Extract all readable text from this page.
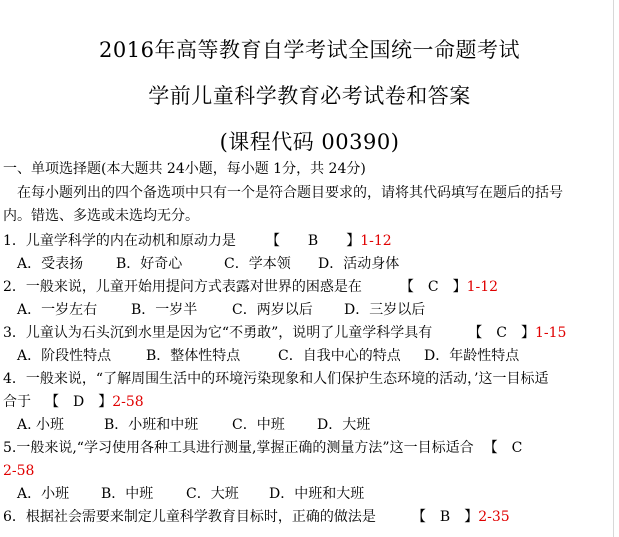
2016年高等教育自学考试全国统一命题考试
学前儿童科学教育必考试卷和答案
(课程代码 00390)
一、单项选择题(本大题共 24小题，每小题 1分，共 24分)
在每小题列出的四个备选项中只有一个是符合题目要求的，请将其代码填写在题后的括号
内。错选、多选或未选均无分。
1．儿童学科学的内在动机和原动力是 【　　B　　】1-12
A．受表扬 B．好奇心	C．学本领 D．活动身体
2．一般来说，儿童开始用提问方式表露对世界的困惑是在	【　C　】1-12
A．一岁左右 B．一岁半 C．两岁以后 D．三岁以后
3．儿童认为石头沉到水里是因为它“不勇敢”，说明了儿童学科学具有	【　C　】1-15
A．阶段性特点 B．整体性特点	C．自我中心的特点 D．年龄性特点
4．一般来说，“了解周围生活中的环境污染现象和人们保护生态环境的活动，’这一目标适
合于 【　D　】2-58
A. 小班	B．小班和中班 C．中班 D．大班
5.一般来说,“学习使用各种工具进行测量,掌握正确的测量方法”这一目标适合 【　C　
2-58
A．小班 B．中班 C．大班 D．中班和大班
6．根据社会需要来制定儿童科学教育目标时，正确的做法是	【　B　】2-35
